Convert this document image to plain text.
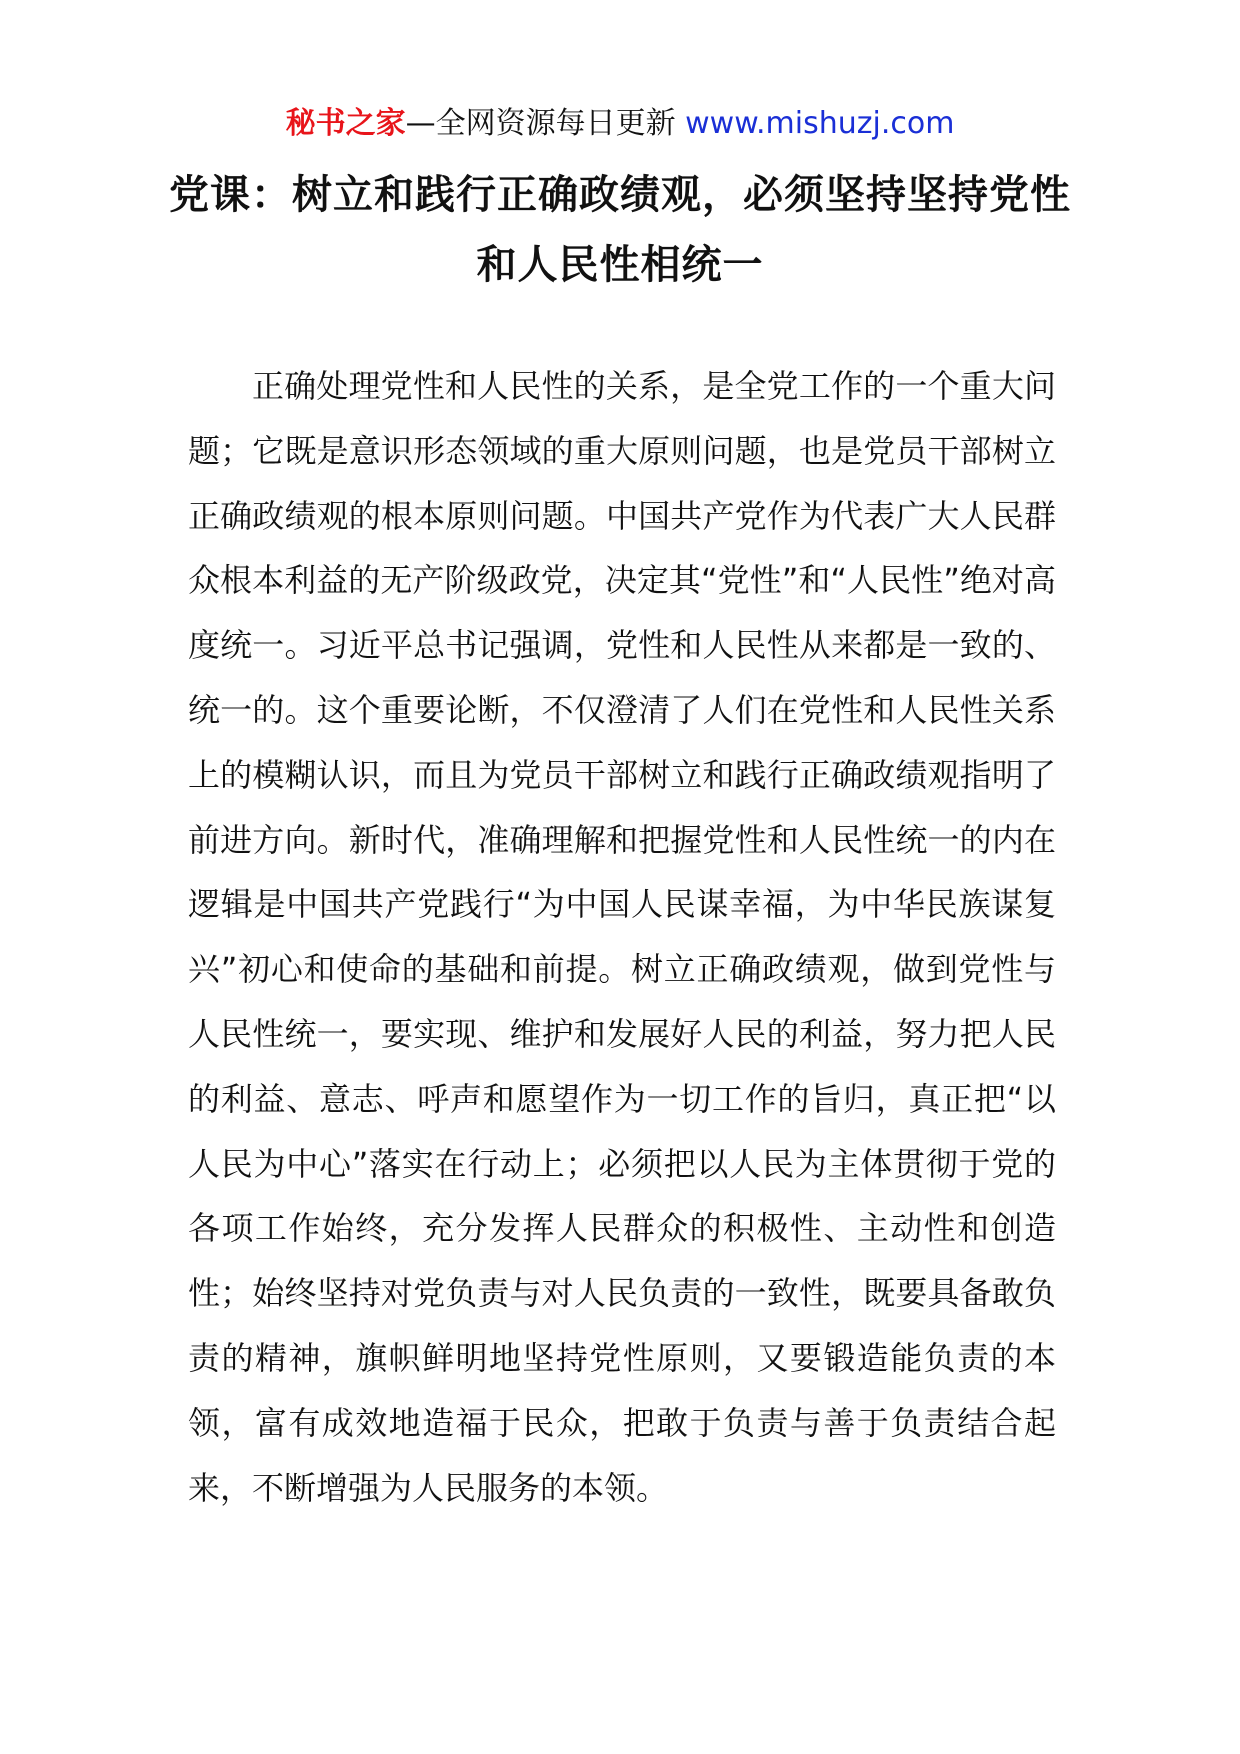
秘书之家—全网资源每日更新 www.mishuzj.com
党课：树立和践行正确政绩观，必须坚持坚持党性和人民性相统一

正确处理党性和人民性的关系，是全党工作的一个重大问题；它既是意识形态领域的重大原则问题，也是党员干部树立正确政绩观的根本原则问题。中国共产党作为代表广大人民群众根本利益的无产阶级政党，决定其“党性”和“人民性”绝对高度统一。习近平总书记强调，党性和人民性从来都是一致的、统一的。这个重要论断，不仅澄清了人们在党性和人民性关系上的模糊认识，而且为党员干部树立和践行正确政绩观指明了前进方向。新时代，准确理解和把握党性和人民性统一的内在逻辑是中国共产党践行“为中国人民谋幸福，为中华民族谋复兴”初心和使命的基础和前提。树立正确政绩观，做到党性与人民性统一，要实现、维护和发展好人民的利益，努力把人民的利益、意志、呼声和愿望作为一切工作的旨归，真正把“以人民为中心”落实在行动上；必须把以人民为主体贯彻于党的各项工作始终，充分发挥人民群众的积极性、主动性和创造性；始终坚持对党负责与对人民负责的一致性，既要具备敢负责的精神，旗帜鲜明地坚持党性原则，又要锻造能负责的本领，富有成效地造福于民众，把敢于负责与善于负责结合起来，不断增强为人民服务的本领。
